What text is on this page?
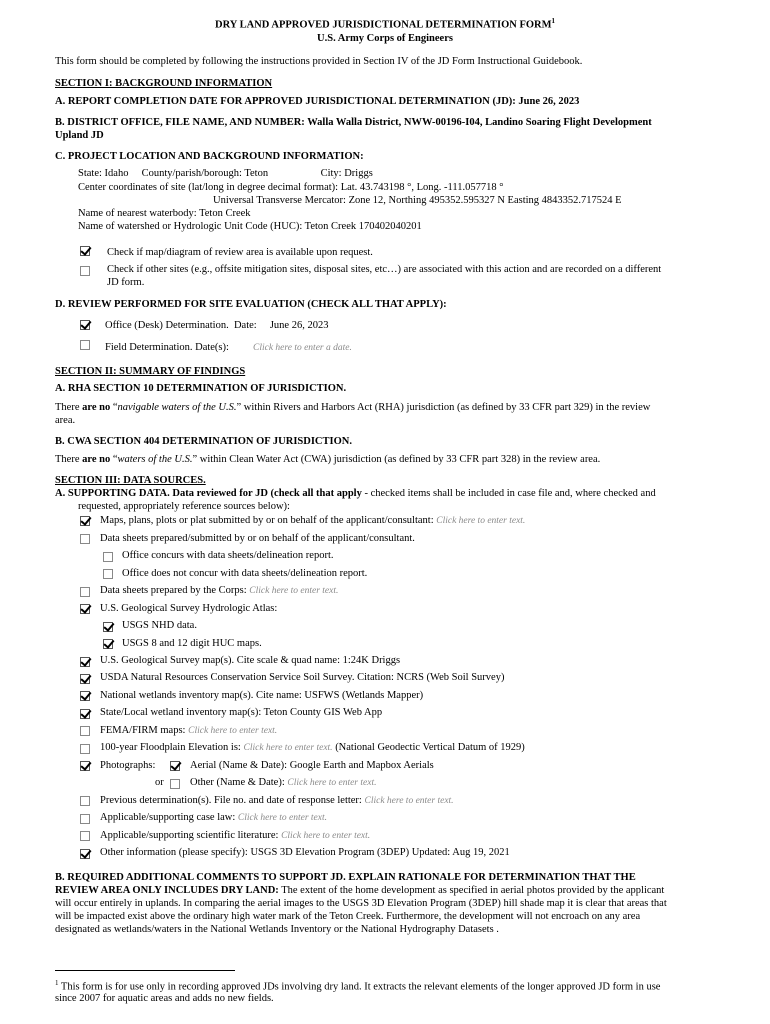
DRY LAND APPROVED JURISDICTIONAL DETERMINATION FORM$^1$
U.S. Army Corps of Engineers
This form should be completed by following the instructions provided in Section IV of the JD Form Instructional Guidebook.
SECTION I: BACKGROUND INFORMATION
A. REPORT COMPLETION DATE FOR APPROVED JURISDICTIONAL DETERMINATION (JD): June 26, 2023
B. DISTRICT OFFICE, FILE NAME, AND NUMBER: Walla Walla District, NWW-00196-I04, Landino Soaring Flight Development
Upland JD
C. PROJECT LOCATION AND BACKGROUND INFORMATION:
State: Idaho     County/parish/borough: Teton                    City: Driggs
Center coordinates of site (lat/long in degree decimal format): Lat. 43.743198 °, Long. -111.057718 °
Universal Transverse Mercator: Zone 12, Northing 495352.595327 N Easting 4843352.717524 E
Name of nearest waterbody: Teton Creek
Name of watershed or Hydrologic Unit Code (HUC): Teton Creek 170402040201
Check if map/diagram of review area is available upon request.
Check if other sites (e.g., offsite mitigation sites, disposal sites, etc…) are associated with this action and are recorded on a different
JD form.
D. REVIEW PERFORMED FOR SITE EVALUATION (CHECK ALL THAT APPLY):
Office (Desk) Determination.  Date:     June 26, 2023
Field Determination. Date(s):	Click here to enter a date.
SECTION II: SUMMARY OF FINDINGS
A. RHA SECTION 10 DETERMINATION OF JURISDICTION.
There are no “navigable waters of the U.S.” within Rivers and Harbors Act (RHA) jurisdiction (as defined by 33 CFR part 329) in the review
area.
B. CWA SECTION 404 DETERMINATION OF JURISDICTION.
There are no “waters of the U.S.” within Clean Water Act (CWA) jurisdiction (as defined by 33 CFR part 328) in the review area.
SECTION III: DATA SOURCES.
A. SUPPORTING DATA. Data reviewed for JD (check all that apply - checked items shall be included in case file and, where checked and
requested, appropriately reference sources below):
Maps, plans, plots or plat submitted by or on behalf of the applicant/consultant: Click here to enter text.
Data sheets prepared/submitted by or on behalf of the applicant/consultant.
Office concurs with data sheets/delineation report.
Office does not concur with data sheets/delineation report.
Data sheets prepared by the Corps: Click here to enter text.
U.S. Geological Survey Hydrologic Atlas:
USGS NHD data.
USGS 8 and 12 digit HUC maps.
U.S. Geological Survey map(s). Cite scale & quad name: 1:24K Driggs
USDA Natural Resources Conservation Service Soil Survey. Citation: NCRS (Web Soil Survey)
National wetlands inventory map(s). Cite name: USFWS (Wetlands Mapper)
State/Local wetland inventory map(s): Teton County GIS Web App
FEMA/FIRM maps: Click here to enter text.
100-year Floodplain Elevation is: Click here to enter text. (National Geodectic Vertical Datum of 1929)
Photographs:	Aerial (Name & Date): Google Earth and Mapbox Aerials
or	Other (Name & Date): Click here to enter text.
Previous determination(s). File no. and date of response letter: Click here to enter text.
Applicable/supporting case law: Click here to enter text.
Applicable/supporting scientific literature: Click here to enter text.
Other information (please specify): USGS 3D Elevation Program (3DEP) Updated: Aug 19, 2021
B. REQUIRED ADDITIONAL COMMENTS TO SUPPORT JD. EXPLAIN RATIONALE FOR DETERMINATION THAT THE
REVIEW AREA ONLY INCLUDES DRY LAND: The extent of the home development as specified in aerial photos provided by the applicant
will occur entirely in uplands. In comparing the aerial images to the USGS 3D Elevation Program (3DEP) hill shade map it is clear that areas that
will be impacted exist above the ordinary high water mark of the Teton Creek. Furthermore, the development will not encroach on any area
designated as wetlands/waters in the National Wetlands Inventory or the National Hydrography Datasets .
$^1$ This form is for use only in recording approved JDs involving dry land. It extracts the relevant elements of the longer approved JD form in use
since 2007 for aquatic areas and adds no new fields.
